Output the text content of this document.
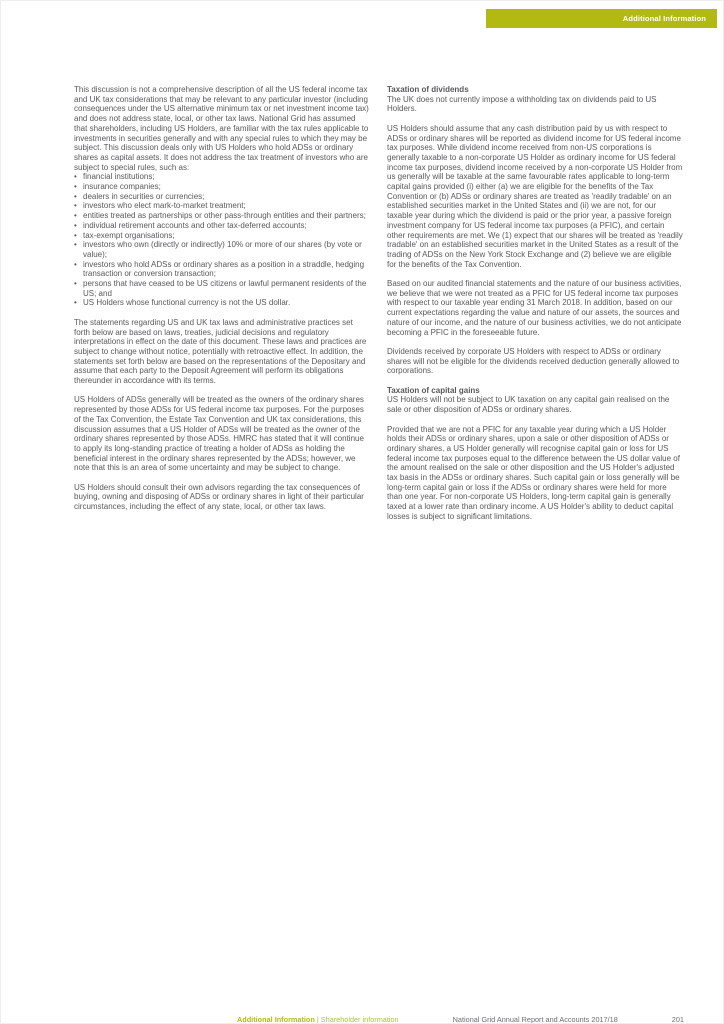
Additional Information

This discussion is not a comprehensive description of all the US federal income tax and UK tax considerations that may be relevant to any particular investor (including consequences under the US alternative minimum tax or net investment income tax) and does not address state, local, or other tax laws. National Grid has assumed that shareholders, including US Holders, are familiar with the tax rules applicable to investments in securities generally and with any special rules to which they may be subject. This discussion deals only with US Holders who hold ADSs or ordinary shares as capital assets. It does not address the tax treatment of investors who are subject to special rules, such as:

• financial institutions;
• insurance companies;
• dealers in securities or currencies;
• investors who elect mark-to-market treatment;
• entities treated as partnerships or other pass-through entities and their partners;
• individual retirement accounts and other tax-deferred accounts;
• tax-exempt organisations;
• investors who own (directly or indirectly) 10% or more of our shares (by vote or value);
• investors who hold ADSs or ordinary shares as a position in a straddle, hedging transaction or conversion transaction;
• persons that have ceased to be US citizens or lawful permanent residents of the US; and
• US Holders whose functional currency is not the US dollar.

The statements regarding US and UK tax laws and administrative practices set forth below are based on laws, treaties, judicial decisions and regulatory interpretations in effect on the date of this document. These laws and practices are subject to change without notice, potentially with retroactive effect. In addition, the statements set forth below are based on the representations of the Depositary and assume that each party to the Deposit Agreement will perform its obligations thereunder in accordance with its terms.

US Holders of ADSs generally will be treated as the owners of the ordinary shares represented by those ADSs for US federal income tax purposes. For the purposes of the Tax Convention, the Estate Tax Convention and UK tax considerations, this discussion assumes that a US Holder of ADSs will be treated as the owner of the ordinary shares represented by those ADSs. HMRC has stated that it will continue to apply its long-standing practice of treating a holder of ADSs as holding the beneficial interest in the ordinary shares represented by the ADSs; however, we note that this is an area of some uncertainty and may be subject to change.

US Holders should consult their own advisors regarding the tax consequences of buying, owning and disposing of ADSs or ordinary shares in light of their particular circumstances, including the effect of any state, local, or other tax laws.

Taxation of dividends

The UK does not currently impose a withholding tax on dividends paid to US Holders.

US Holders should assume that any cash distribution paid by us with respect to ADSs or ordinary shares will be reported as dividend income for US federal income tax purposes. While dividend income received from non-US corporations is generally taxable to a non-corporate US Holder as ordinary income for US federal income tax purposes, dividend income received by a non-corporate US Holder from us generally will be taxable at the same favourable rates applicable to long-term capital gains provided (i) either (a) we are eligible for the benefits of the Tax Convention or (b) ADSs or ordinary shares are treated as 'readily tradable' on an established securities market in the United States and (ii) we are not, for our taxable year during which the dividend is paid or the prior year, a passive foreign investment company for US federal income tax purposes (a PFIC), and certain other requirements are met. We (1) expect that our shares will be treated as 'readily tradable' on an established securities market in the United States as a result of the trading of ADSs on the New York Stock Exchange and (2) believe we are eligible for the benefits of the Tax Convention.

Based on our audited financial statements and the nature of our business activities, we believe that we were not treated as a PFIC for US federal income tax purposes with respect to our taxable year ending 31 March 2018. In addition, based on our current expectations regarding the value and nature of our assets, the sources and nature of our income, and the nature of our business activities, we do not anticipate becoming a PFIC in the foreseeable future.

Dividends received by corporate US Holders with respect to ADSs or ordinary shares will not be eligible for the dividends received deduction generally allowed to corporations.

Taxation of capital gains

US Holders will not be subject to UK taxation on any capital gain realised on the sale or other disposition of ADSs or ordinary shares.

Provided that we are not a PFIC for any taxable year during which a US Holder holds their ADSs or ordinary shares, upon a sale or other disposition of ADSs or ordinary shares, a US Holder generally will recognise capital gain or loss for US federal income tax purposes equal to the difference between the US dollar value of the amount realised on the sale or other disposition and the US Holder's adjusted tax basis in the ADSs or ordinary shares. Such capital gain or loss generally will be long-term capital gain or loss if the ADSs or ordinary shares were held for more than one year. For non-corporate US Holders, long-term capital gain is generally taxed at a lower rate than ordinary income. A US Holder's ability to deduct capital losses is subject to significant limitations.

Additional Information | Shareholder information	National Grid Annual Report and Accounts 2017/18	201
